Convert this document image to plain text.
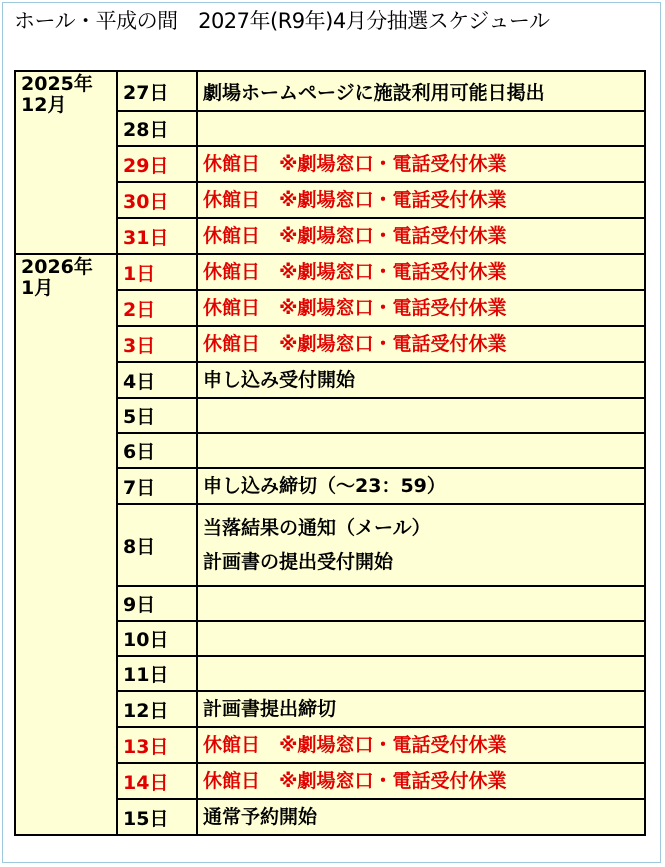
ホール・平成の間　2027年(R9年)4月分抽選スケジュール
2025年
12月	27日	劇場ホームページに施設利用可能日掲出

	28日	
	29日	休館日　※劇場窓口・電話受付休業

	30日	休館日　※劇場窓口・電話受付休業

	31日	休館日　※劇場窓口・電話受付休業

2026年
1月	1日	休館日　※劇場窓口・電話受付休業

	2日	休館日　※劇場窓口・電話受付休業

	3日	休館日　※劇場窓口・電話受付休業

	4日	申し込み受付開始

	5日	
	6日	
	7日	申し込み締切（～23：59）

	8日	当落結果の通知（メール）
計画書の提出受付開始

	9日	
	10日	
	11日	
	12日	計画書提出締切

	13日	休館日　※劇場窓口・電話受付休業

	14日	休館日　※劇場窓口・電話受付休業

	15日	通常予約開始
